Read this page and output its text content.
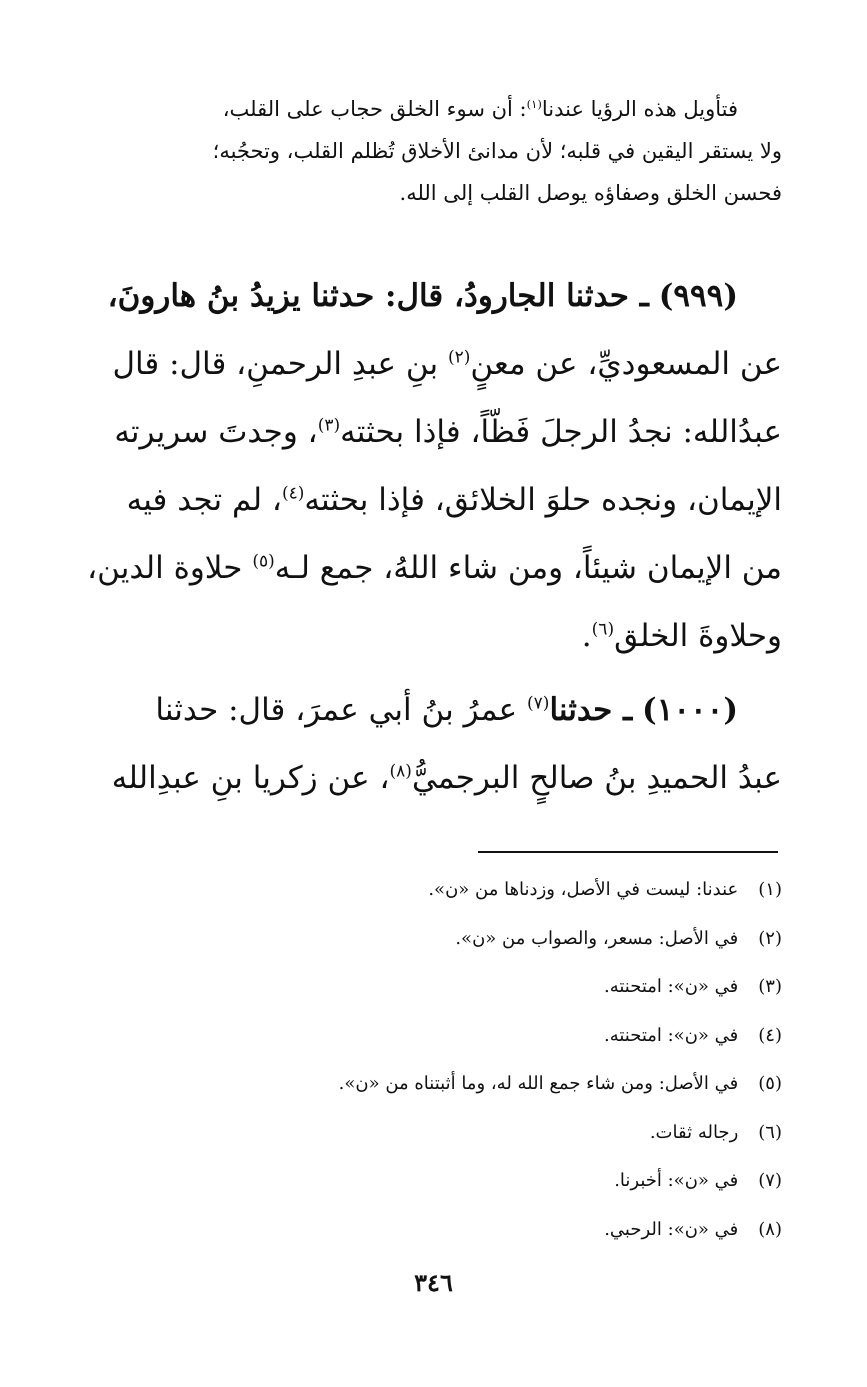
فتأويل هذه الرؤيا عندنا$^{(١)}$: أن سوء الخلق حجاب على القلب،
ولا يستقر اليقين في قلبه؛ لأن مدانئ الأخلاق تُظلم القلب، وتحجُبه؛
فحسن الخلق وصفاؤه يوصل القلب إلى الله.

(٩٩٩) ـ حدثنا الجارودُ، قال: حدثنا يزيدُ بنُ هارونَ،
عن المسعوديِّ، عن معنٍ$^{(٢)}$ بنِ عبدِ الرحمنِ، قال: قال
عبدُالله: نجدُ الرجلَ فَظّاً، فإذا بحثته$^{(٣)}$، وجدتَ سريرته
الإيمان، ونجده حلوَ الخلائق، فإذا بحثته$^{(٤)}$، لم تجد فيه
من الإيمان شيئاً، ومن شاء اللهُ، جمع لـه$^{(٥)}$ حلاوة الدين،
وحلاوةَ الخلق$^{(٦)}$.

(١٠٠٠) ـ حدثنا$^{(٧)}$ عمرُ بنُ أبي عمرَ، قال: حدثنا
عبدُ الحميدِ بنُ صالحٍ البرجميُّ$^{(٨)}$، عن زكريا بنِ عبدِالله

(١) عندنا: ليست في الأصل، وزدناها من «ن».
(٢) في الأصل: مسعر، والصواب من «ن».
(٣) في «ن»: امتحنته.
(٤) في «ن»: امتحنته.
(٥) في الأصل: ومن شاء جمع الله له، وما أثبتناه من «ن».
(٦) رجاله ثقات.
(٧) في «ن»: أخبرنا.
(٨) في «ن»: الرحبي.
٣٤٦
